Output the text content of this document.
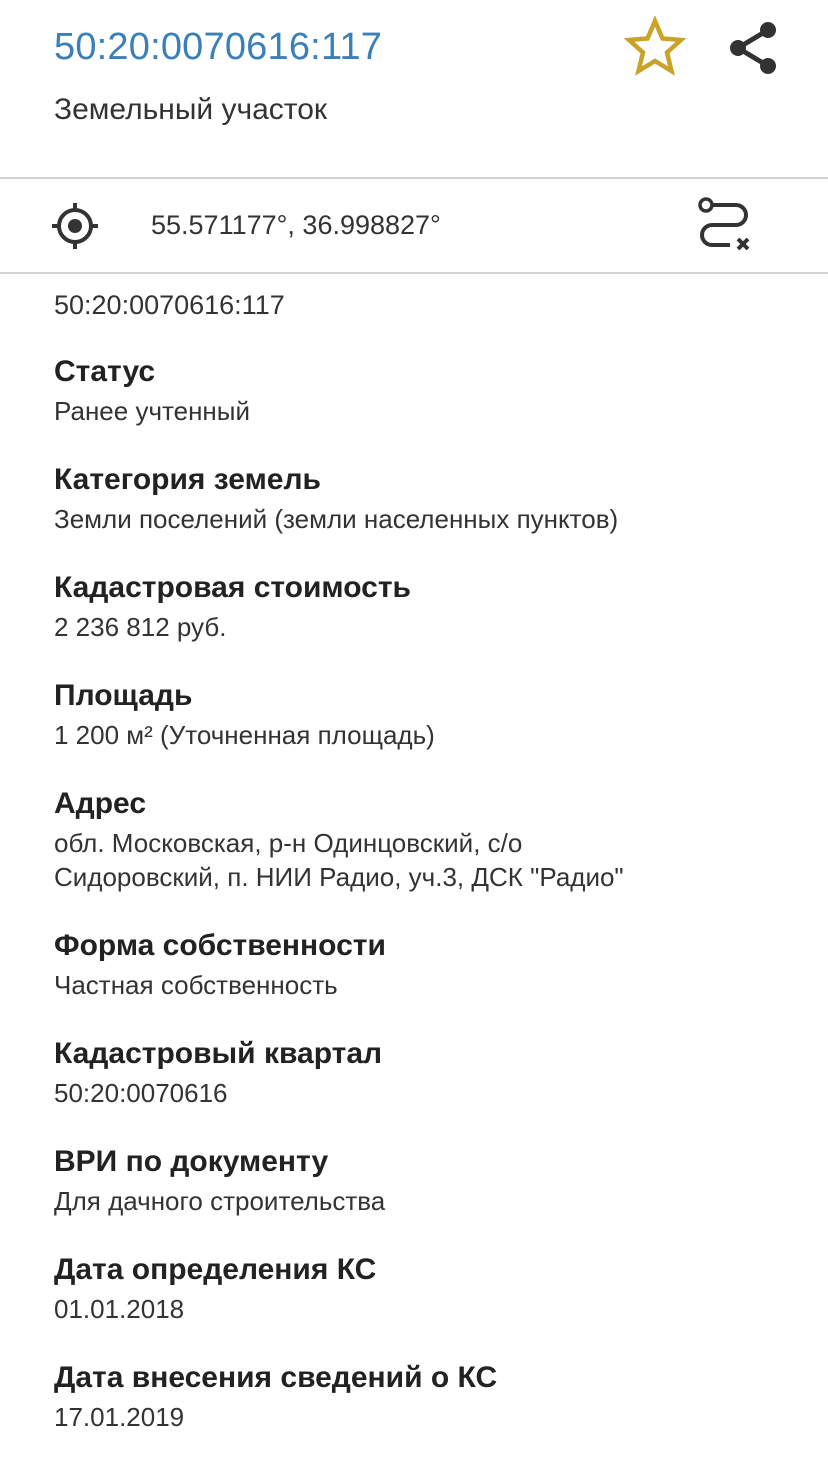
50:20:0070616:117
Земельный участок
55.571177°, 36.998827°
50:20:0070616:117
Статус
Ранее учтенный
Категория земель
Земли поселений (земли населенных пунктов)
Кадастровая стоимость
2 236 812 руб.
Площадь
1 200 м² (Уточненная площадь)
Адрес
обл. Московская, р-н Одинцовский, с/о
Сидоровский, п. НИИ Радио, уч.3, ДСК "Радио"
Форма собственности
Частная собственность
Кадастровый квартал
50:20:0070616
ВРИ по документу
Для дачного строительства
Дата определения КС
01.01.2018
Дата внесения сведений о КС
17.01.2019
